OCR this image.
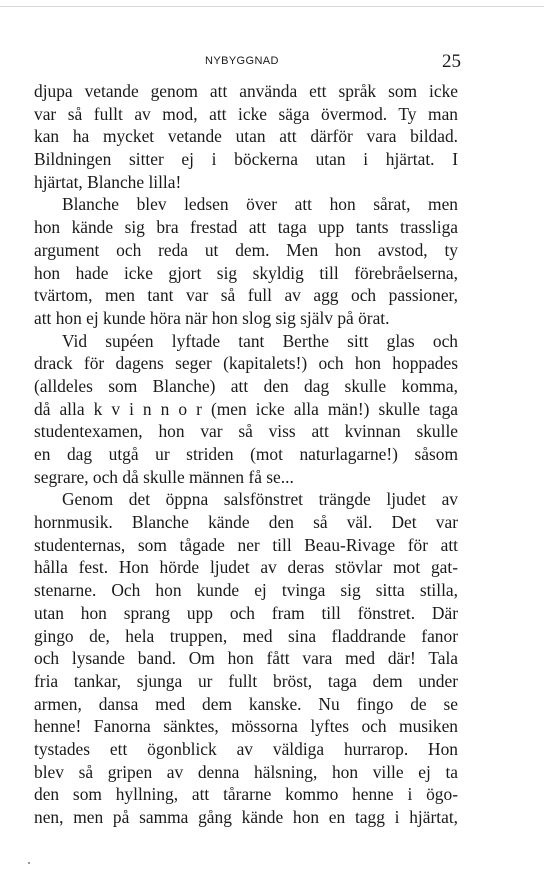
NYBYGGNAD	25
djupa vetande genom att använda ett språk som icke
var så fullt av mod, att icke säga övermod. Ty man
kan ha mycket vetande utan att därför vara bildad.
Bildningen sitter ej i böckerna utan i hjärtat. I
hjärtat, Blanche lilla!
Blanche blev ledsen över att hon sårat, men
hon kände sig bra frestad att taga upp tants trassliga
argument och reda ut dem. Men hon avstod, ty
hon hade icke gjort sig skyldig till förebråelserna,
tvärtom, men tant var så full av agg och passioner,
att hon ej kunde höra när hon slog sig själv på örat.
Vid supéen lyftade tant Berthe sitt glas och
drack för dagens seger (kapitalets!) och hon hoppades
(alldeles som Blanche) att den dag skulle komma,
då alla k v i n n o r (men icke alla män!) skulle taga
studentexamen, hon var så viss att kvinnan skulle
en dag utgå ur striden (mot naturlagarne!) såsom
segrare, och då skulle männen få se...
Genom det öppna salsfönstret trängde ljudet av
hornmusik. Blanche kände den så väl. Det var
studenternas, som tågade ner till Beau-Rivage för att
hålla fest. Hon hörde ljudet av deras stövlar mot gat-
stenarne. Och hon kunde ej tvinga sig sitta stilla,
utan hon sprang upp och fram till fönstret. Där
gingo de, hela truppen, med sina fladdrande fanor
och lysande band. Om hon fått vara med där! Tala
fria tankar, sjunga ur fullt bröst, taga dem under
armen, dansa med dem kanske. Nu fingo de se
henne! Fanorna sänktes, mössorna lyftes och musiken
tystades ett ögonblick av väldiga hurrarop. Hon
blev så gripen av denna hälsning, hon ville ej ta
den som hyllning, att tårarne kommo henne i ögo-
nen, men på samma gång kände hon en tagg i hjärtat,
